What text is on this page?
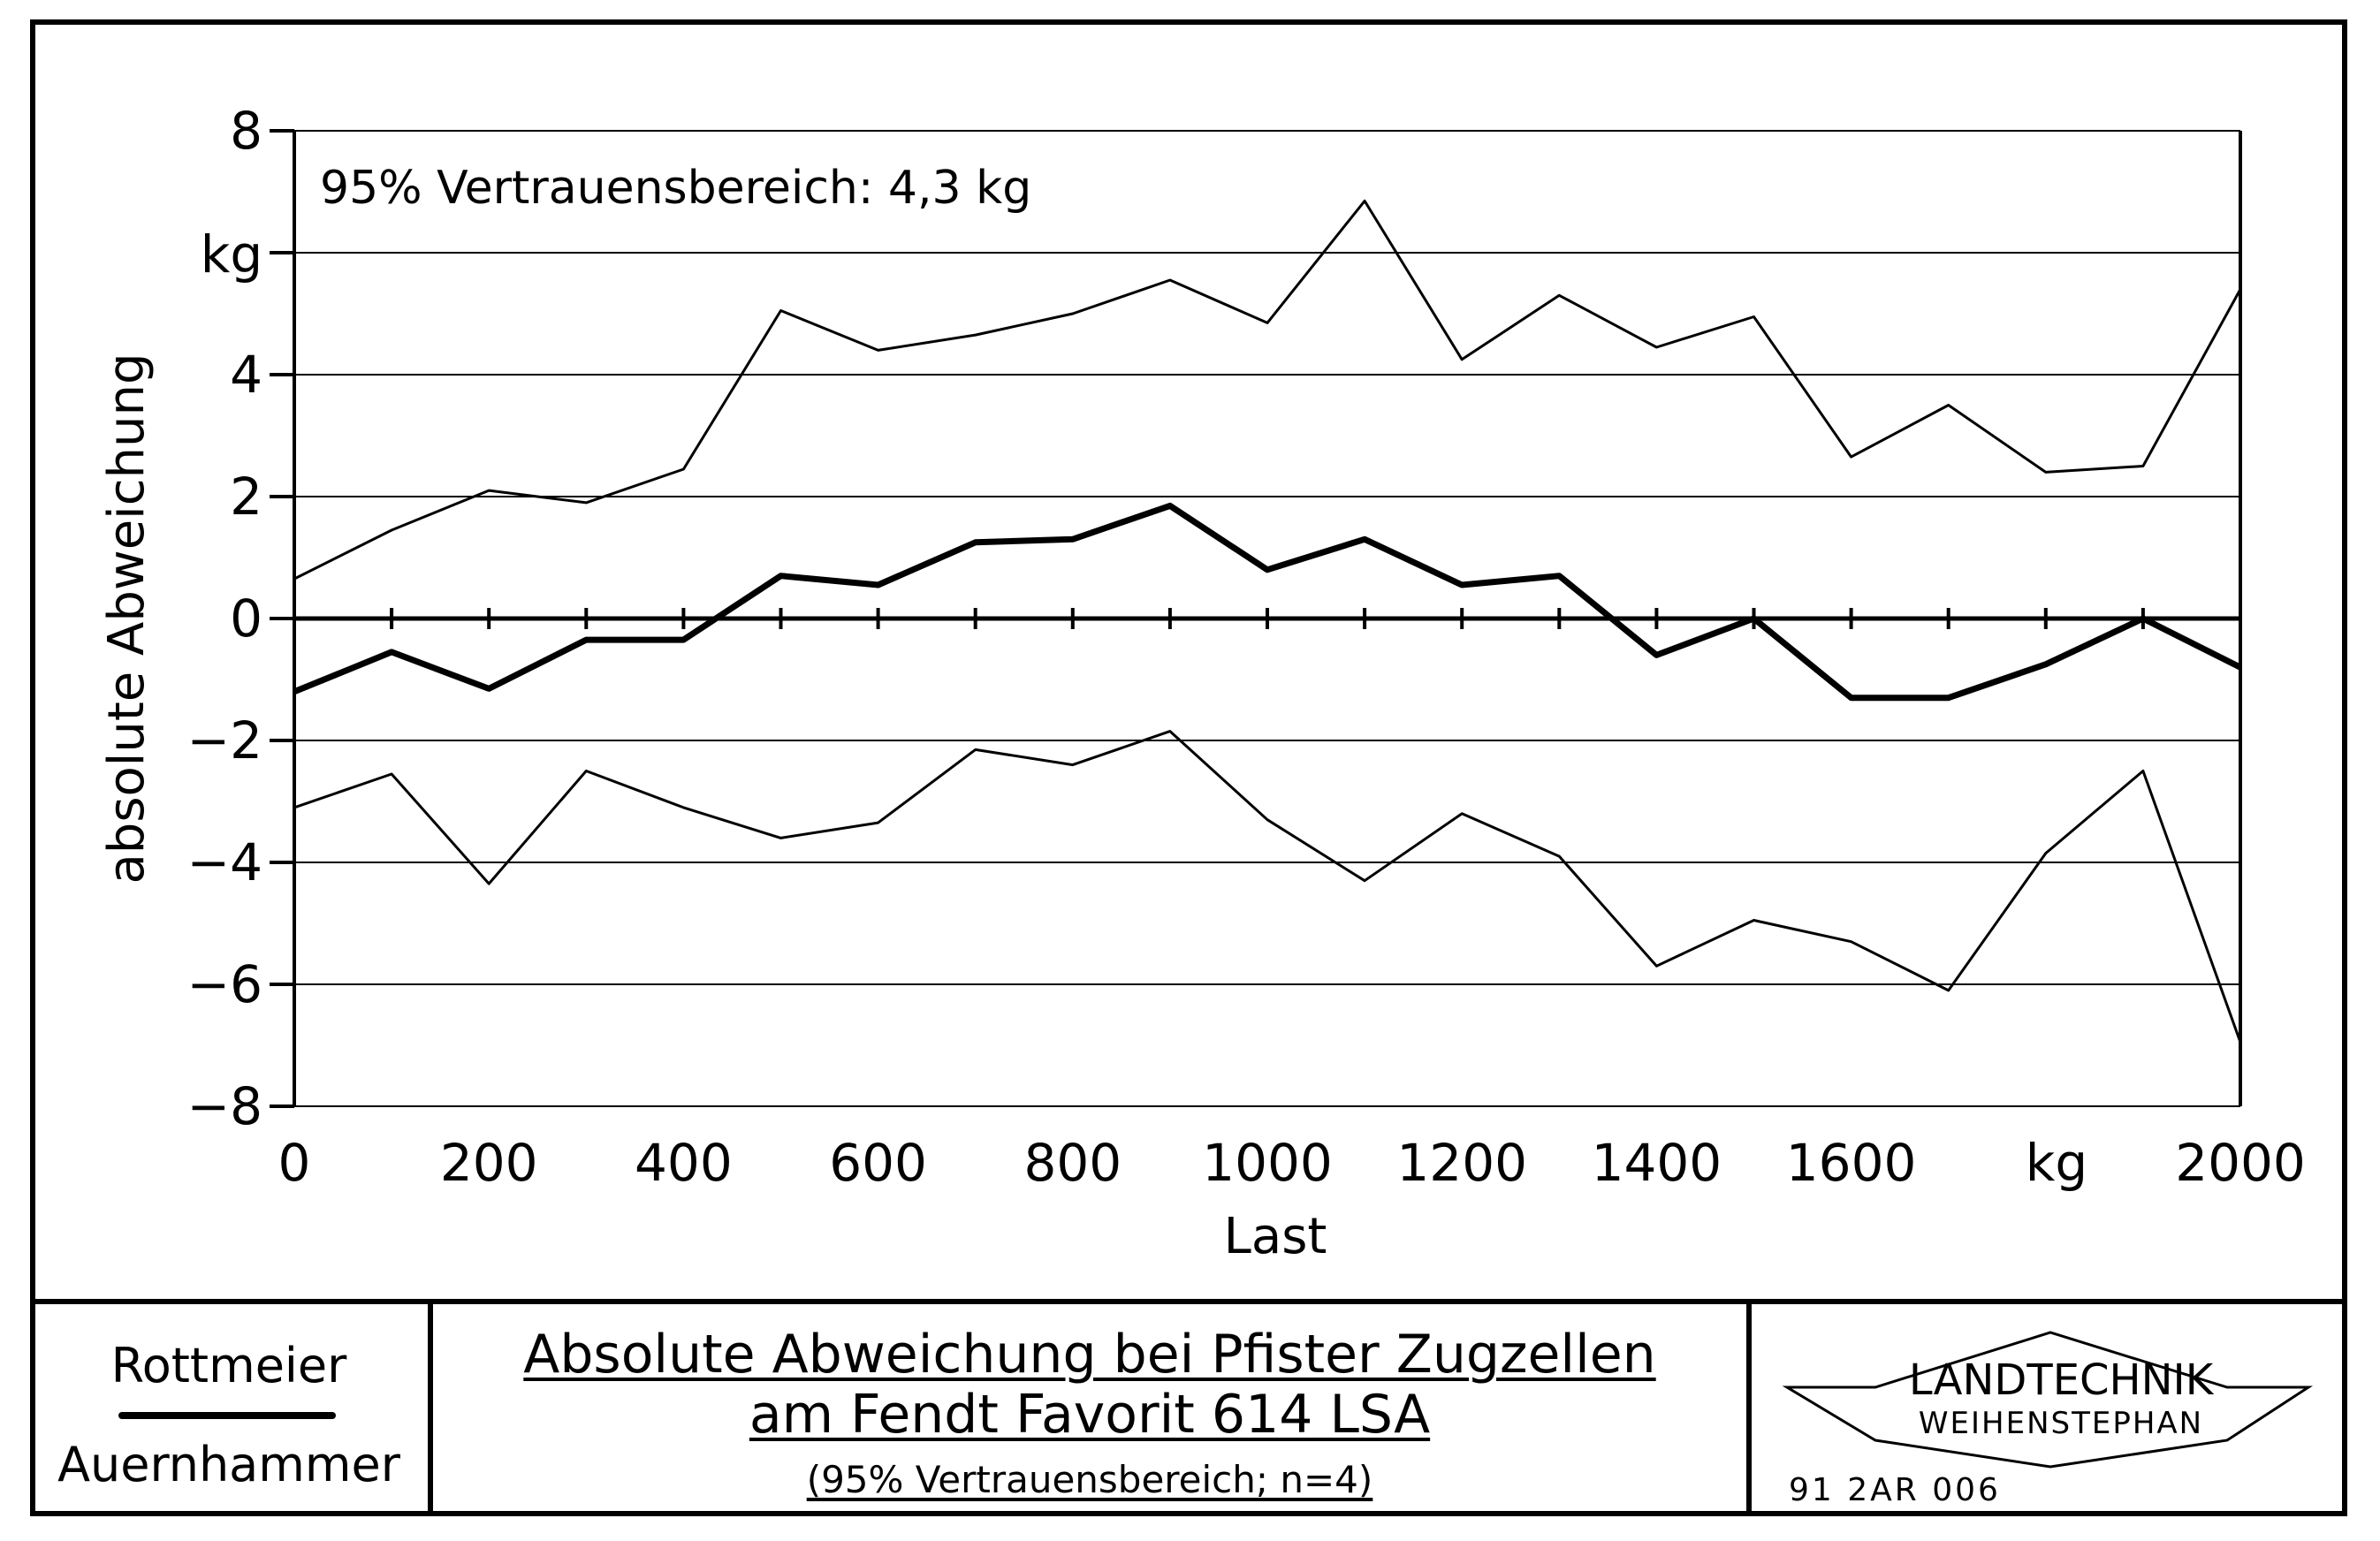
8
4
2
0
−2
−4
−6
−8
0	200 400 600 800 1000 1200 1400 1600	2000
95% Vertrauensbereich: 4,3 kg
absolute Abweichung
Last
kg
kg
Rottmeier
Auernhammer
Absolute Abweichung bei Pfister Zugzellen
am Fendt Favorit 614 LSA
(95% Vertrauensbereich; n=4)
LANDTECHNIK
WEIHENSTEPHAN
91 2AR 006
